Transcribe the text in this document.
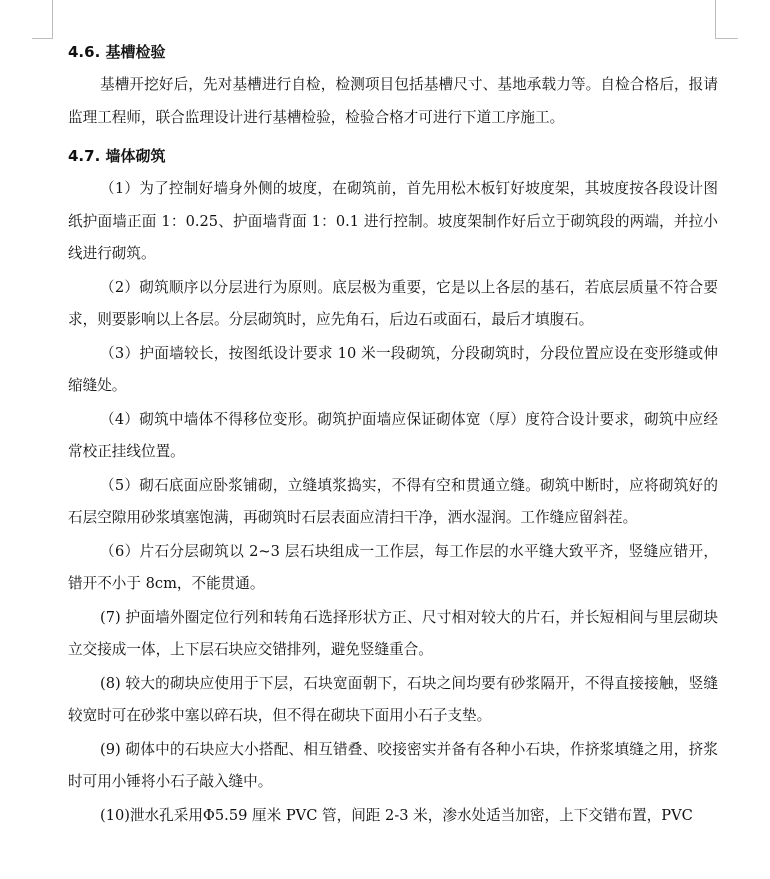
4.6. 基槽检验

基槽开挖好后，先对基槽进行自检，检测项目包括基槽尺寸、基地承载力等。自检合格后，报请监理工程师，联合监理设计进行基槽检验，检验合格才可进行下道工序施工。

4.7. 墙体砌筑

（1）为了控制好墙身外侧的坡度，在砌筑前，首先用松木板钉好坡度架，其坡度按各段设计图纸护面墙正面 1：0.25、护面墙背面 1：0.1 进行控制。坡度架制作好后立于砌筑段的两端，并拉小线进行砌筑。

（2）砌筑顺序以分层进行为原则。底层极为重要，它是以上各层的基石，若底层质量不符合要求，则要影响以上各层。分层砌筑时，应先角石，后边石或面石，最后才填腹石。

（3）护面墙较长，按图纸设计要求 10 米一段砌筑，分段砌筑时，分段位置应设在变形缝或伸缩缝处。

（4）砌筑中墙体不得移位变形。砌筑护面墙应保证砌体宽（厚）度符合设计要求，砌筑中应经常校正挂线位置。

（5）砌石底面应卧浆铺砌，立缝填浆捣实，不得有空和贯通立缝。砌筑中断时，应将砌筑好的石层空隙用砂浆填塞饱满，再砌筑时石层表面应清扫干净，洒水湿润。工作缝应留斜茬。

（6）片石分层砌筑以 2~3 层石块组成一工作层，每工作层的水平缝大致平齐，竖缝应错开，错开不小于 8cm，不能贯通。

(7) 护面墙外圈定位行列和转角石选择形状方正、尺寸相对较大的片石，并长短相间与里层砌块立交接成一体，上下层石块应交错排列，避免竖缝重合。

(8) 较大的砌块应使用于下层，石块宽面朝下，石块之间均要有砂浆隔开，不得直接接触，竖缝较宽时可在砂浆中塞以碎石块，但不得在砌块下面用小石子支垫。

(9) 砌体中的石块应大小搭配、相互错叠、咬接密实并备有各种小石块，作挤浆填缝之用，挤浆时可用小锤将小石子敲入缝中。

(10)泄水孔采用Φ5.59 厘米 PVC 管，间距 2-3 米，渗水处适当加密，上下交错布置，PVC
